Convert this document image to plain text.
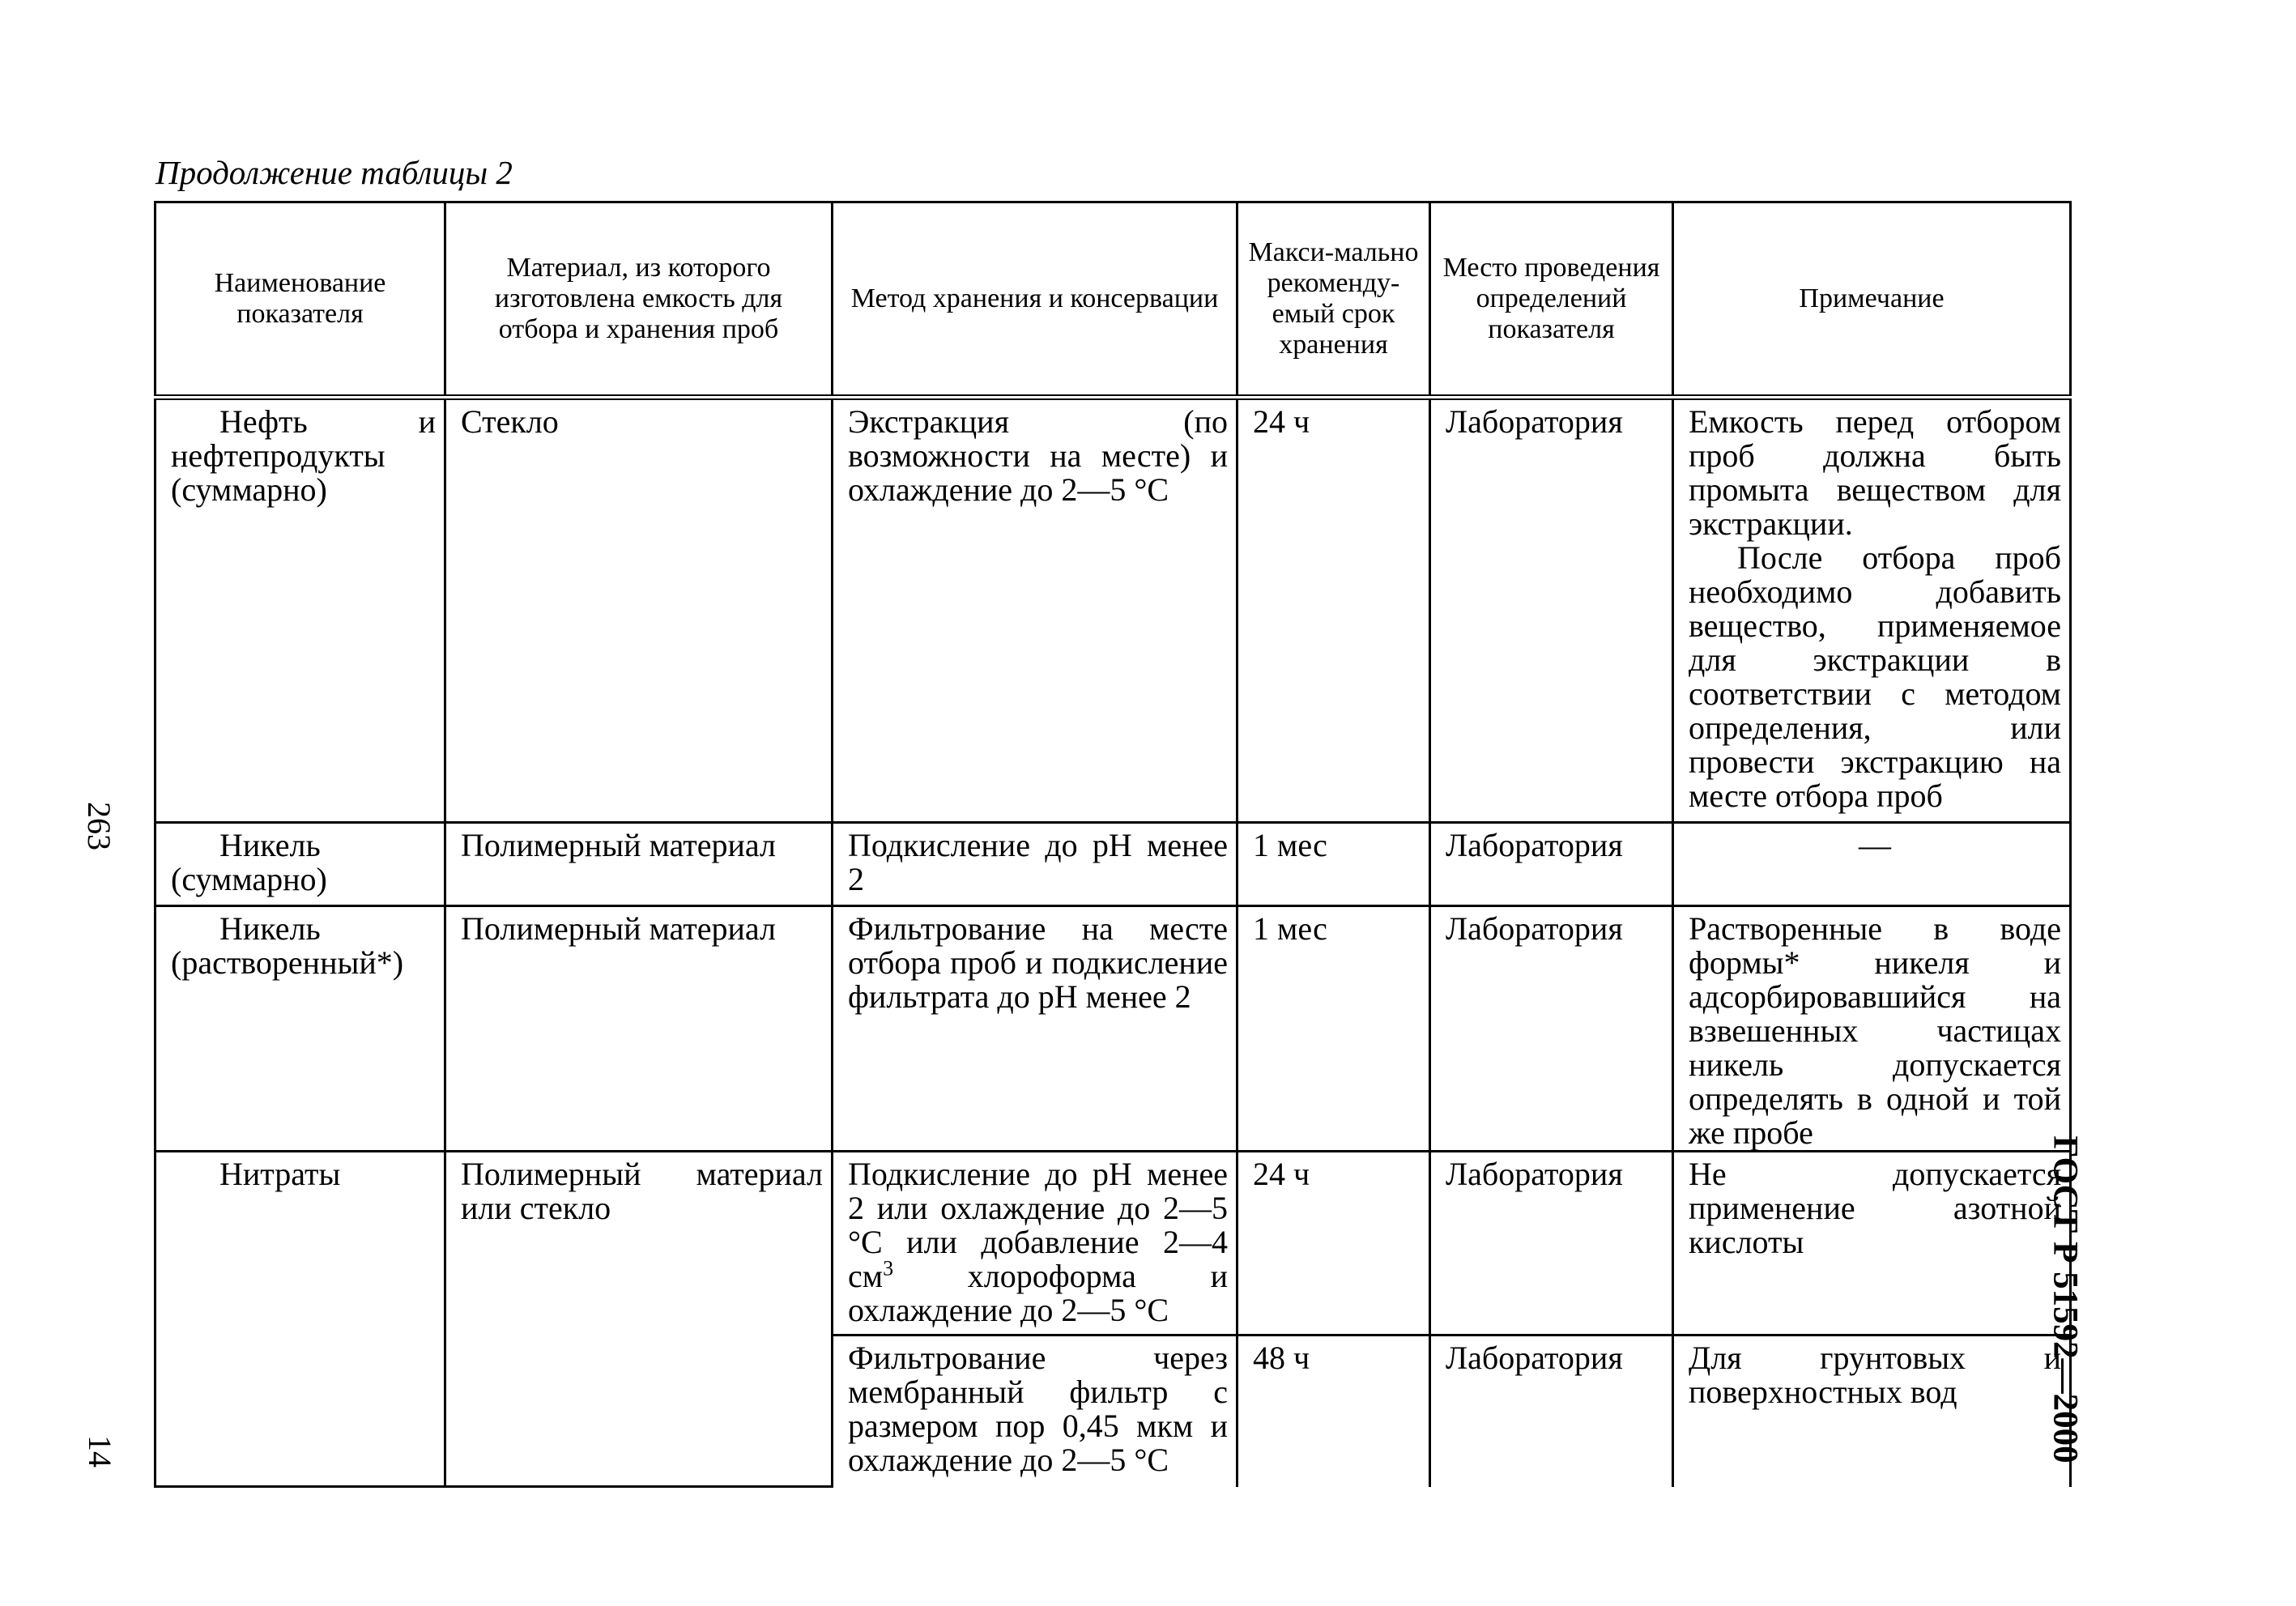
Продолжение таблицы 2
Наименование показателя	Материал, из которого изготовлена емкость для отбора и хранения проб	Метод хранения и консервации	Макси-мально рекоменду-емый срок хранения	Место проведения определений показателя	Примечание

Нефть и нефтепродукты (суммарно)	Стекло	Экстракция (по возможности на месте) и охлаждение до 2—5 °С	24 ч	Лаборатория	Емкость перед отбором проб должна быть промыта веществом для экстракции.
После отбора проб необходимо добавить вещество, применяемое для экстракции в соответствии с методом определения, или провести экстракцию на месте отбора проб

Никель (суммарно)	Полимерный материал	Подкисление до рН менее 2	1 мес	Лаборатория	—

Никель (растворенный*)	Полимерный материал	Фильтрование на месте отбора проб и подкисление фильтрата до рН менее 2	1 мес	Лаборатория	Растворенные в воде формы* никеля и адсорбировавшийся на взвешенных частицах никель допускается определять в одной и той же пробе

Нитраты	Полимерный материал или стекло	Подкисление до рН менее 2 или охлаждение до 2—5 °С или добавление 2—4 $см^3$ хлороформа и охлаждение до 2—5 °С	24 ч	Лаборатория	Не допускается применение азотной кислоты

		Фильтрование через мембранный фильтр с размером пор 0,45 мкм и охлаждение до 2—5 °С	48 ч	Лаборатория	Для грунтовых и поверхностных вод
263
14	ГОСТ Р 51592—2000
